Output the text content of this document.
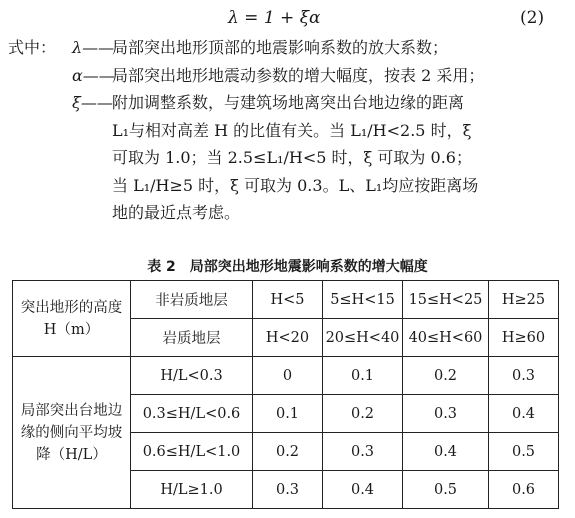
λ = 1 + ξα	(2)
式中： λ——
局部突出地形顶部的地震影响系数的放大系数；
α——
局部突出地形地震动参数的增大幅度，按表 2 采用；
ξ—— 附加调整系数，与建筑场地离突出台地边缘的距离
L₁与相对高差 H 的比值有关。当 L₁/H<2.5 时，ξ
可取为 1.0；当 2.5≤L₁/H<5 时，ξ 可取为 0.6；
当 L₁/H≥5 时，ξ 可取为 0.3。L、L₁均应按距离场
地的最近点考虑。
表 2　局部突出地形地震影响系数的增大幅度
突出地形的高度 H（m）	非岩质地层	H<5	5≤H<15	15≤H<25	H≥25
	岩质地层	H<20	20≤H<40	40≤H<60	H≥60
局部突出台地边缘的侧向平均坡降（H/L）	H/L<0.3	0	0.1	0.2	0.3
	0.3≤H/L<0.6	0.1	0.2	0.3	0.4
	0.6≤H/L<1.0	0.2	0.3	0.4	0.5
	H/L≥1.0	0.3	0.4	0.5	0.6
